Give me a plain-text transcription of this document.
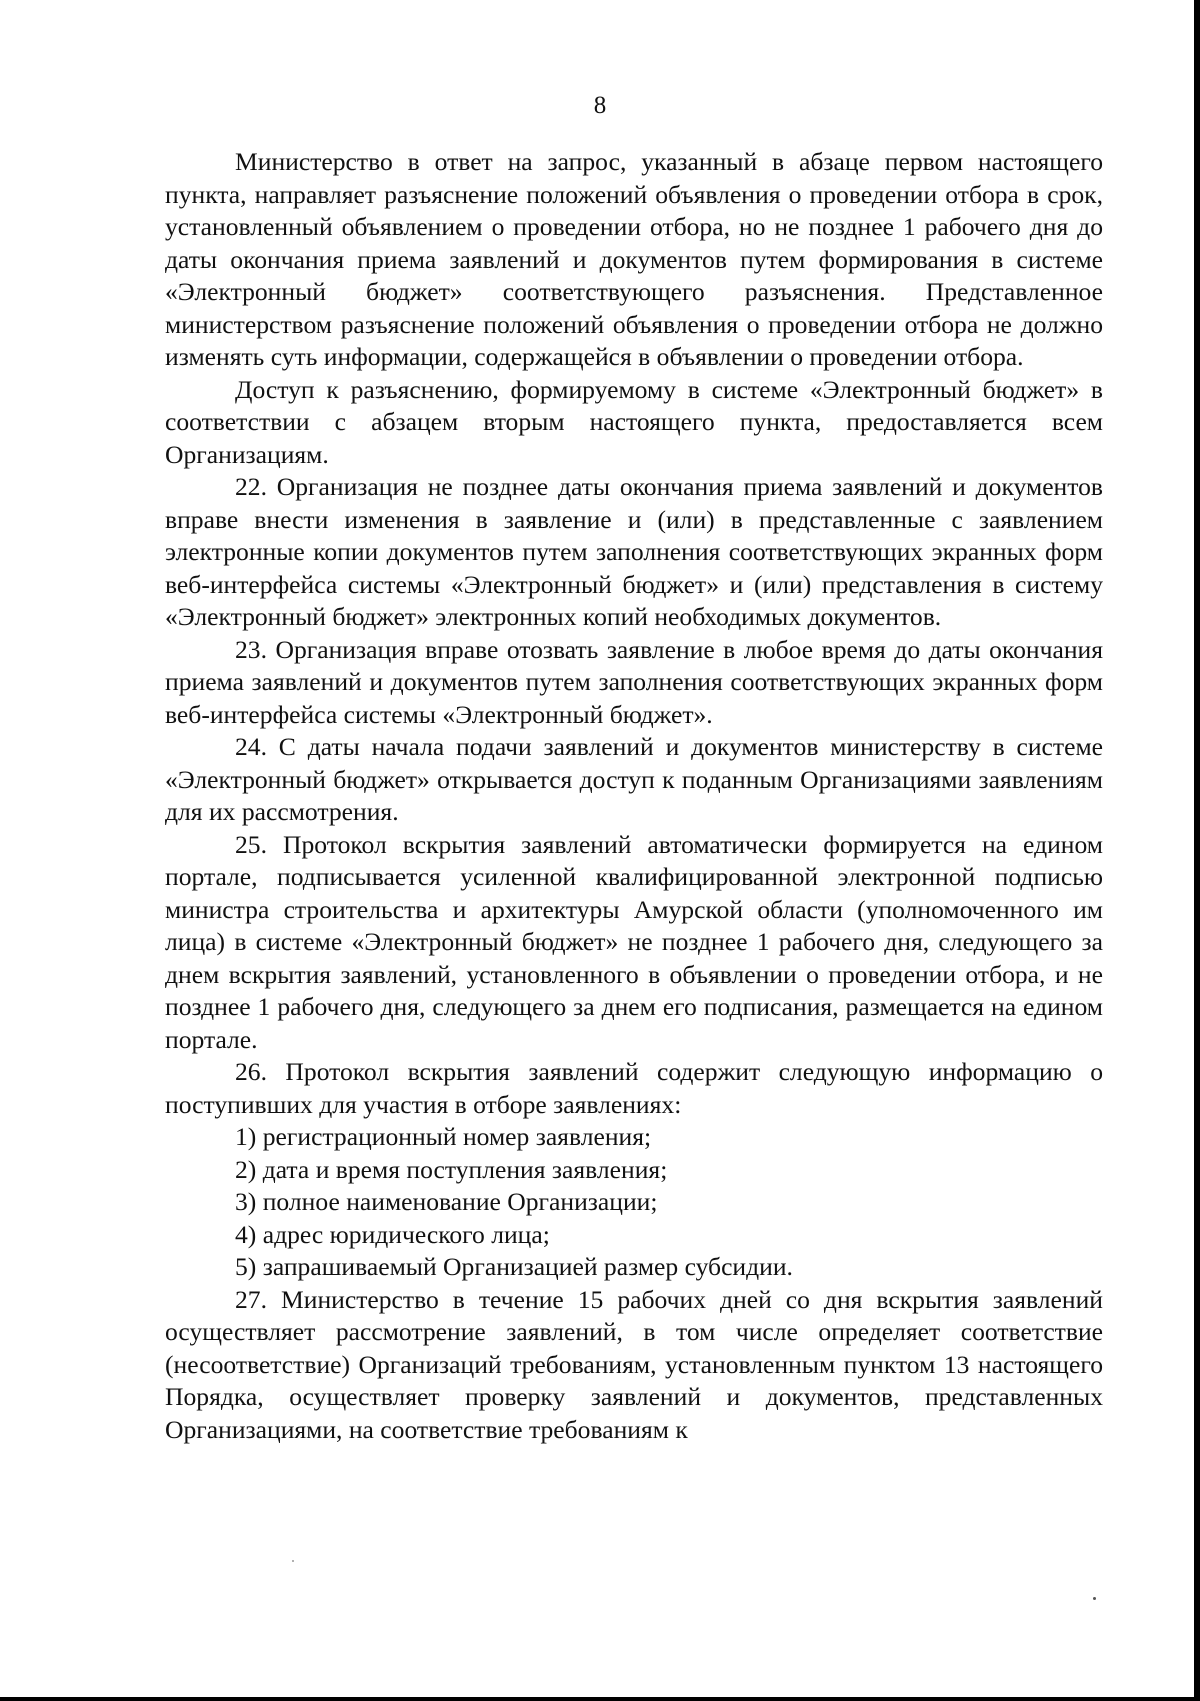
8

Министерство в ответ на запрос, указанный в абзаце первом настоящего пункта, направляет разъяснение положений объявления о проведении отбора в срок, установленный объявлением о проведении отбора, но не позднее 1 рабочего дня до даты окончания приема заявлений и документов путем формирования в системе «Электронный бюджет» соответствующего разъяснения. Представленное министерством разъяснение положений объявления о проведении отбора не должно изменять суть информации, содержащейся в объявлении о проведении отбора.

Доступ к разъяснению, формируемому в системе «Электронный бюджет» в соответствии с абзацем вторым настоящего пункта, предоставляется всем Организациям.

22. Организация не позднее даты окончания приема заявлений и документов вправе внести изменения в заявление и (или) в представленные с заявлением электронные копии документов путем заполнения соответствующих экранных форм веб-интерфейса системы «Электронный бюджет» и (или) представления в систему «Электронный бюджет» электронных копий необходимых документов.

23. Организация вправе отозвать заявление в любое время до даты окончания приема заявлений и документов путем заполнения соответствующих экранных форм веб-интерфейса системы «Электронный бюджет».

24. С даты начала подачи заявлений и документов министерству в системе «Электронный бюджет» открывается доступ к поданным Организациями заявлениям для их рассмотрения.

25. Протокол вскрытия заявлений автоматически формируется на едином портале, подписывается усиленной квалифицированной электронной подписью министра строительства и архитектуры Амурской области (уполномоченного им лица) в системе «Электронный бюджет» не позднее 1 рабочего дня, следующего за днем вскрытия заявлений, установленного в объявлении о проведении отбора, и не позднее 1 рабочего дня, следующего за днем его подписания, размещается на едином портале.

26. Протокол вскрытия заявлений содержит следующую информацию о поступивших для участия в отборе заявлениях:

1) регистрационный номер заявления;

2) дата и время поступления заявления;

3) полное наименование Организации;

4) адрес юридического лица;

5) запрашиваемый Организацией размер субсидии.

27. Министерство в течение 15 рабочих дней со дня вскрытия заявлений осуществляет рассмотрение заявлений, в том числе определяет соответствие (несоответствие) Организаций требованиям, установленным пунктом 13 настоящего Порядка, осуществляет проверку заявлений и документов, представленных Организациями, на соответствие требованиям к
